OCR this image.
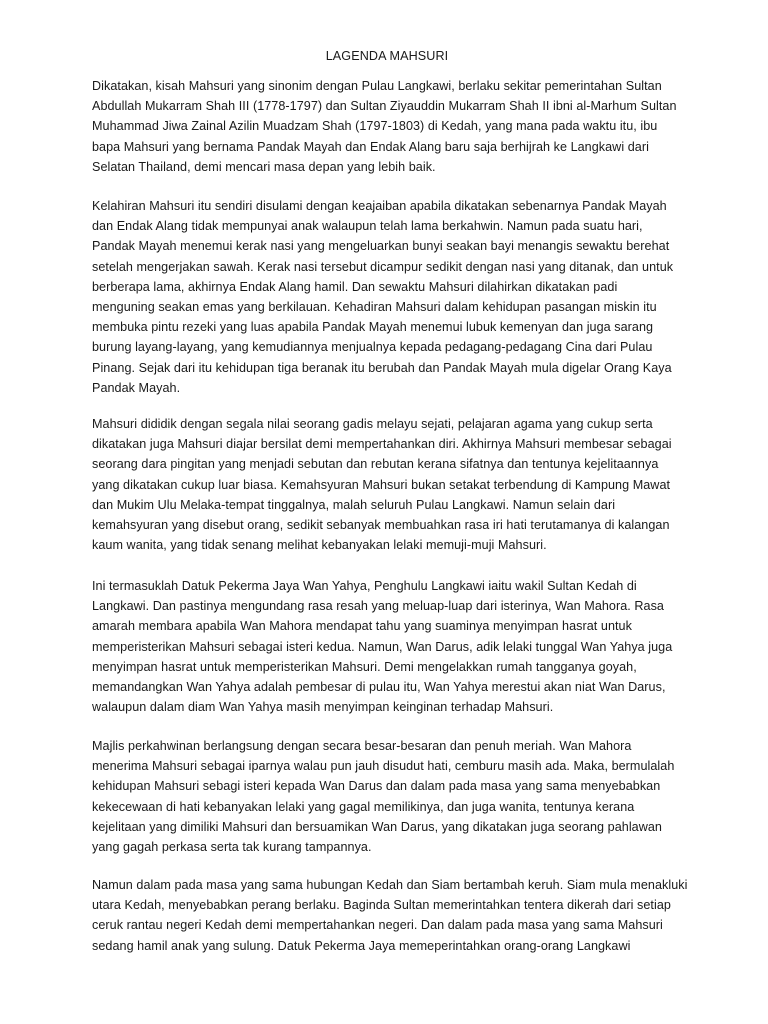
LAGENDA MAHSURI
Dikatakan, kisah Mahsuri yang sinonim dengan Pulau Langkawi, berlaku sekitar pemerintahan Sultan
Abdullah Mukarram Shah III (1778-1797) dan Sultan Ziyauddin Mukarram Shah II ibni al-Marhum Sultan
Muhammad Jiwa Zainal Azilin Muadzam Shah (1797-1803) di Kedah, yang mana pada waktu itu, ibu
bapa Mahsuri yang bernama Pandak Mayah dan Endak Alang baru saja berhijrah ke Langkawi dari
Selatan Thailand, demi mencari masa depan yang lebih baik.
Kelahiran Mahsuri itu sendiri disulami dengan keajaiban apabila dikatakan sebenarnya Pandak Mayah
dan Endak Alang tidak mempunyai anak walaupun telah lama berkahwin. Namun pada suatu hari,
Pandak Mayah menemui kerak nasi yang mengeluarkan bunyi seakan bayi menangis sewaktu berehat
setelah mengerjakan sawah. Kerak nasi tersebut dicampur sedikit dengan nasi yang ditanak, dan untuk
berberapa lama, akhirnya Endak Alang hamil. Dan sewaktu Mahsuri dilahirkan dikatakan padi
menguning seakan emas yang berkilauan. Kehadiran Mahsuri dalam kehidupan pasangan miskin itu
membuka pintu rezeki yang luas apabila Pandak Mayah menemui lubuk kemenyan dan juga sarang
burung layang-layang, yang kemudiannya menjualnya kepada pedagang-pedagang Cina dari Pulau
Pinang. Sejak dari itu kehidupan tiga beranak itu berubah dan Pandak Mayah mula digelar Orang Kaya
Pandak Mayah.
Mahsuri dididik dengan segala nilai seorang gadis melayu sejati, pelajaran agama yang cukup serta
dikatakan juga Mahsuri diajar bersilat demi mempertahankan diri. Akhirnya Mahsuri membesar sebagai
seorang dara pingitan yang menjadi sebutan dan rebutan kerana sifatnya dan tentunya kejelitaannya
yang dikatakan cukup luar biasa. Kemahsyuran Mahsuri bukan setakat terbendung di Kampung Mawat
dan Mukim Ulu Melaka-tempat tinggalnya, malah seluruh Pulau Langkawi. Namun selain dari
kemahsyuran yang disebut orang, sedikit sebanyak membuahkan rasa iri hati terutamanya di kalangan
kaum wanita, yang tidak senang melihat kebanyakan lelaki memuji-muji Mahsuri.
Ini termasuklah Datuk Pekerma Jaya Wan Yahya, Penghulu Langkawi iaitu wakil Sultan Kedah di
Langkawi. Dan pastinya mengundang rasa resah yang meluap-luap dari isterinya, Wan Mahora. Rasa
amarah membara apabila Wan Mahora mendapat tahu yang suaminya menyimpan hasrat untuk
memperisterikan Mahsuri sebagai isteri kedua. Namun, Wan Darus, adik lelaki tunggal Wan Yahya juga
menyimpan hasrat untuk memperisterikan Mahsuri. Demi mengelakkan rumah tangganya goyah,
memandangkan Wan Yahya adalah pembesar di pulau itu, Wan Yahya merestui akan niat Wan Darus,
walaupun dalam diam Wan Yahya masih menyimpan keinginan terhadap Mahsuri.
Majlis perkahwinan berlangsung dengan secara besar-besaran dan penuh meriah. Wan Mahora
menerima Mahsuri sebagai iparnya walau pun jauh disudut hati, cemburu masih ada. Maka, bermulalah
kehidupan Mahsuri sebagi isteri kepada Wan Darus dan dalam pada masa yang sama menyebabkan
kekecewaan di hati kebanyakan lelaki yang gagal memilikinya, dan juga wanita, tentunya kerana
kejelitaan yang dimiliki Mahsuri dan bersuamikan Wan Darus, yang dikatakan juga seorang pahlawan
yang gagah perkasa serta tak kurang tampannya.
Namun dalam pada masa yang sama hubungan Kedah dan Siam bertambah keruh. Siam mula menakluki
utara Kedah, menyebabkan perang berlaku. Baginda Sultan memerintahkan tentera dikerah dari setiap
ceruk rantau negeri Kedah demi mempertahankan negeri. Dan dalam pada masa yang sama Mahsuri
sedang hamil anak yang sulung. Datuk Pekerma Jaya memeperintahkan orang-orang Langkawi
